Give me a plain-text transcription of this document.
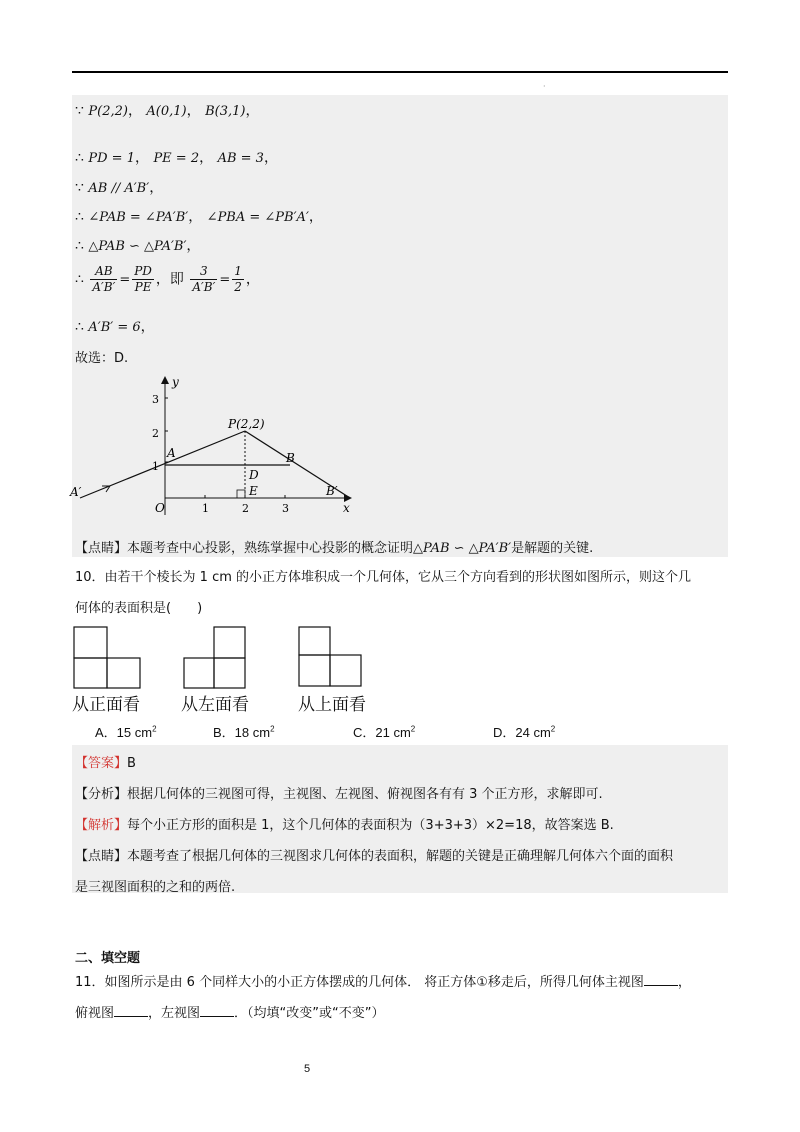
·
∵ P(2,2)， A(0,1)， B(3,1)，
∴ PD = 1， PE = 2， AB = 3，
∵ AB // A′B′，
∴ ∠PAB = ∠PA′B′， ∠PBA = ∠PB′A′，
∴ △PAB ∽ △PA′B′，
∴ $\frac{AB}{A'B'} = \frac{PD}{PE}$ ，即 $\frac{3}{A'B'} = \frac{1}{2}$ ，
∴ A′B′ = 6，
故选：D.
y
x
O	1	2	3
1
2
3
P(2,2)
A	B
D
E
A′	B′
【点睛】本题考查中心投影，熟练掌握中心投影的概念证明△PAB ∽ △PA′B′是解题的关键.
10．由若干个棱长为 1 cm 的小正方体堆积成一个几何体，它从三个方向看到的形状图如图所示，则这个几
何体的表面积是(　　)
从正面看 从左面看	从上面看
A．15 $cm^2$	B．18 $cm^2$	C．21 $cm^2$	D．24 $cm^2$
【答案】B
【分析】根据几何体的三视图可得，主视图、左视图、俯视图各有有 3 个正方形，求解即可.
【解析】每个小正方形的面积是 1，这个几何体的表面积为（3+3+3）×2=18，故答案选 B.
【点睛】本题考查了根据几何体的三视图求几何体的表面积，解题的关键是正确理解几何体六个面的面积
是三视图面积的之和的两倍.
二、填空题
11．如图所示是由 6 个同样大小的小正方体摆成的几何体． 将正方体①移走后，所得几何体主视图	，
俯视图	，左视图	．（均填“改变”或“不变”）
5
